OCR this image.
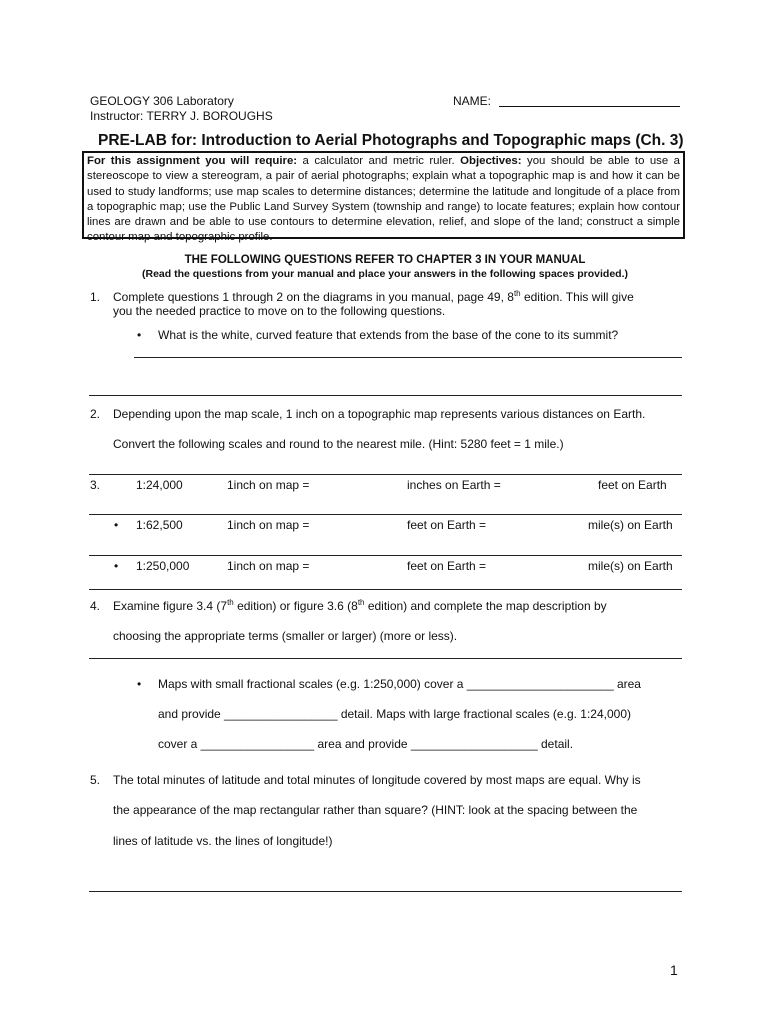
GEOLOGY 306 Laboratory
Instructor: TERRY J. BOROUGHS
NAME:
PRE-LAB for: Introduction to Aerial Photographs and Topographic maps (Ch. 3)
For this assignment you will require: a calculator and metric ruler. Objectives: you should be able to use a stereoscope to view a stereogram, a pair of aerial photographs; explain what a topographic map is and how it can be used to study landforms; use map scales to determine distances; determine the latitude and longitude of a place from a topographic map; use the Public Land Survey System (township and range) to locate features; explain how contour lines are drawn and be able to use contours to determine elevation, relief, and slope of the land; construct a simple contour map and topographic profile.
THE FOLLOWING QUESTIONS REFER TO CHAPTER 3 IN YOUR MANUAL
(Read the questions from your manual and place your answers in the following spaces provided.)
1. Complete questions 1 through 2 on the diagrams in you manual, page 49, 8th edition. This will give
you the needed practice to move on to the following questions.
• What is the white, curved feature that extends from the base of the cone to its summit?
2. Depending upon the map scale, 1 inch on a topographic map represents various distances on Earth.
Convert the following scales and round to the nearest mile. (Hint: 5280 feet = 1 mile.)
3.	1:24,000	1inch on map =	inches on Earth =	feet on Earth
• 1:62,500	1inch on map =	feet on Earth =	mile(s) on Earth
• 1:250,000	1inch on map =	feet on Earth =	mile(s) on Earth
4. Examine figure 3.4 (7th edition) or figure 3.6 (8th edition) and complete the map description by
choosing the appropriate terms (smaller or larger) (more or less).
• Maps with small fractional scales (e.g. 1:250,000) cover a ______________________ area
and provide _________________ detail. Maps with large fractional scales (e.g. 1:24,000)
cover a _________________ area and provide ___________________ detail.
5. The total minutes of latitude and total minutes of longitude covered by most maps are equal. Why is
the appearance of the map rectangular rather than square? (HINT: look at the spacing between the
lines of latitude vs. the lines of longitude!)
1
